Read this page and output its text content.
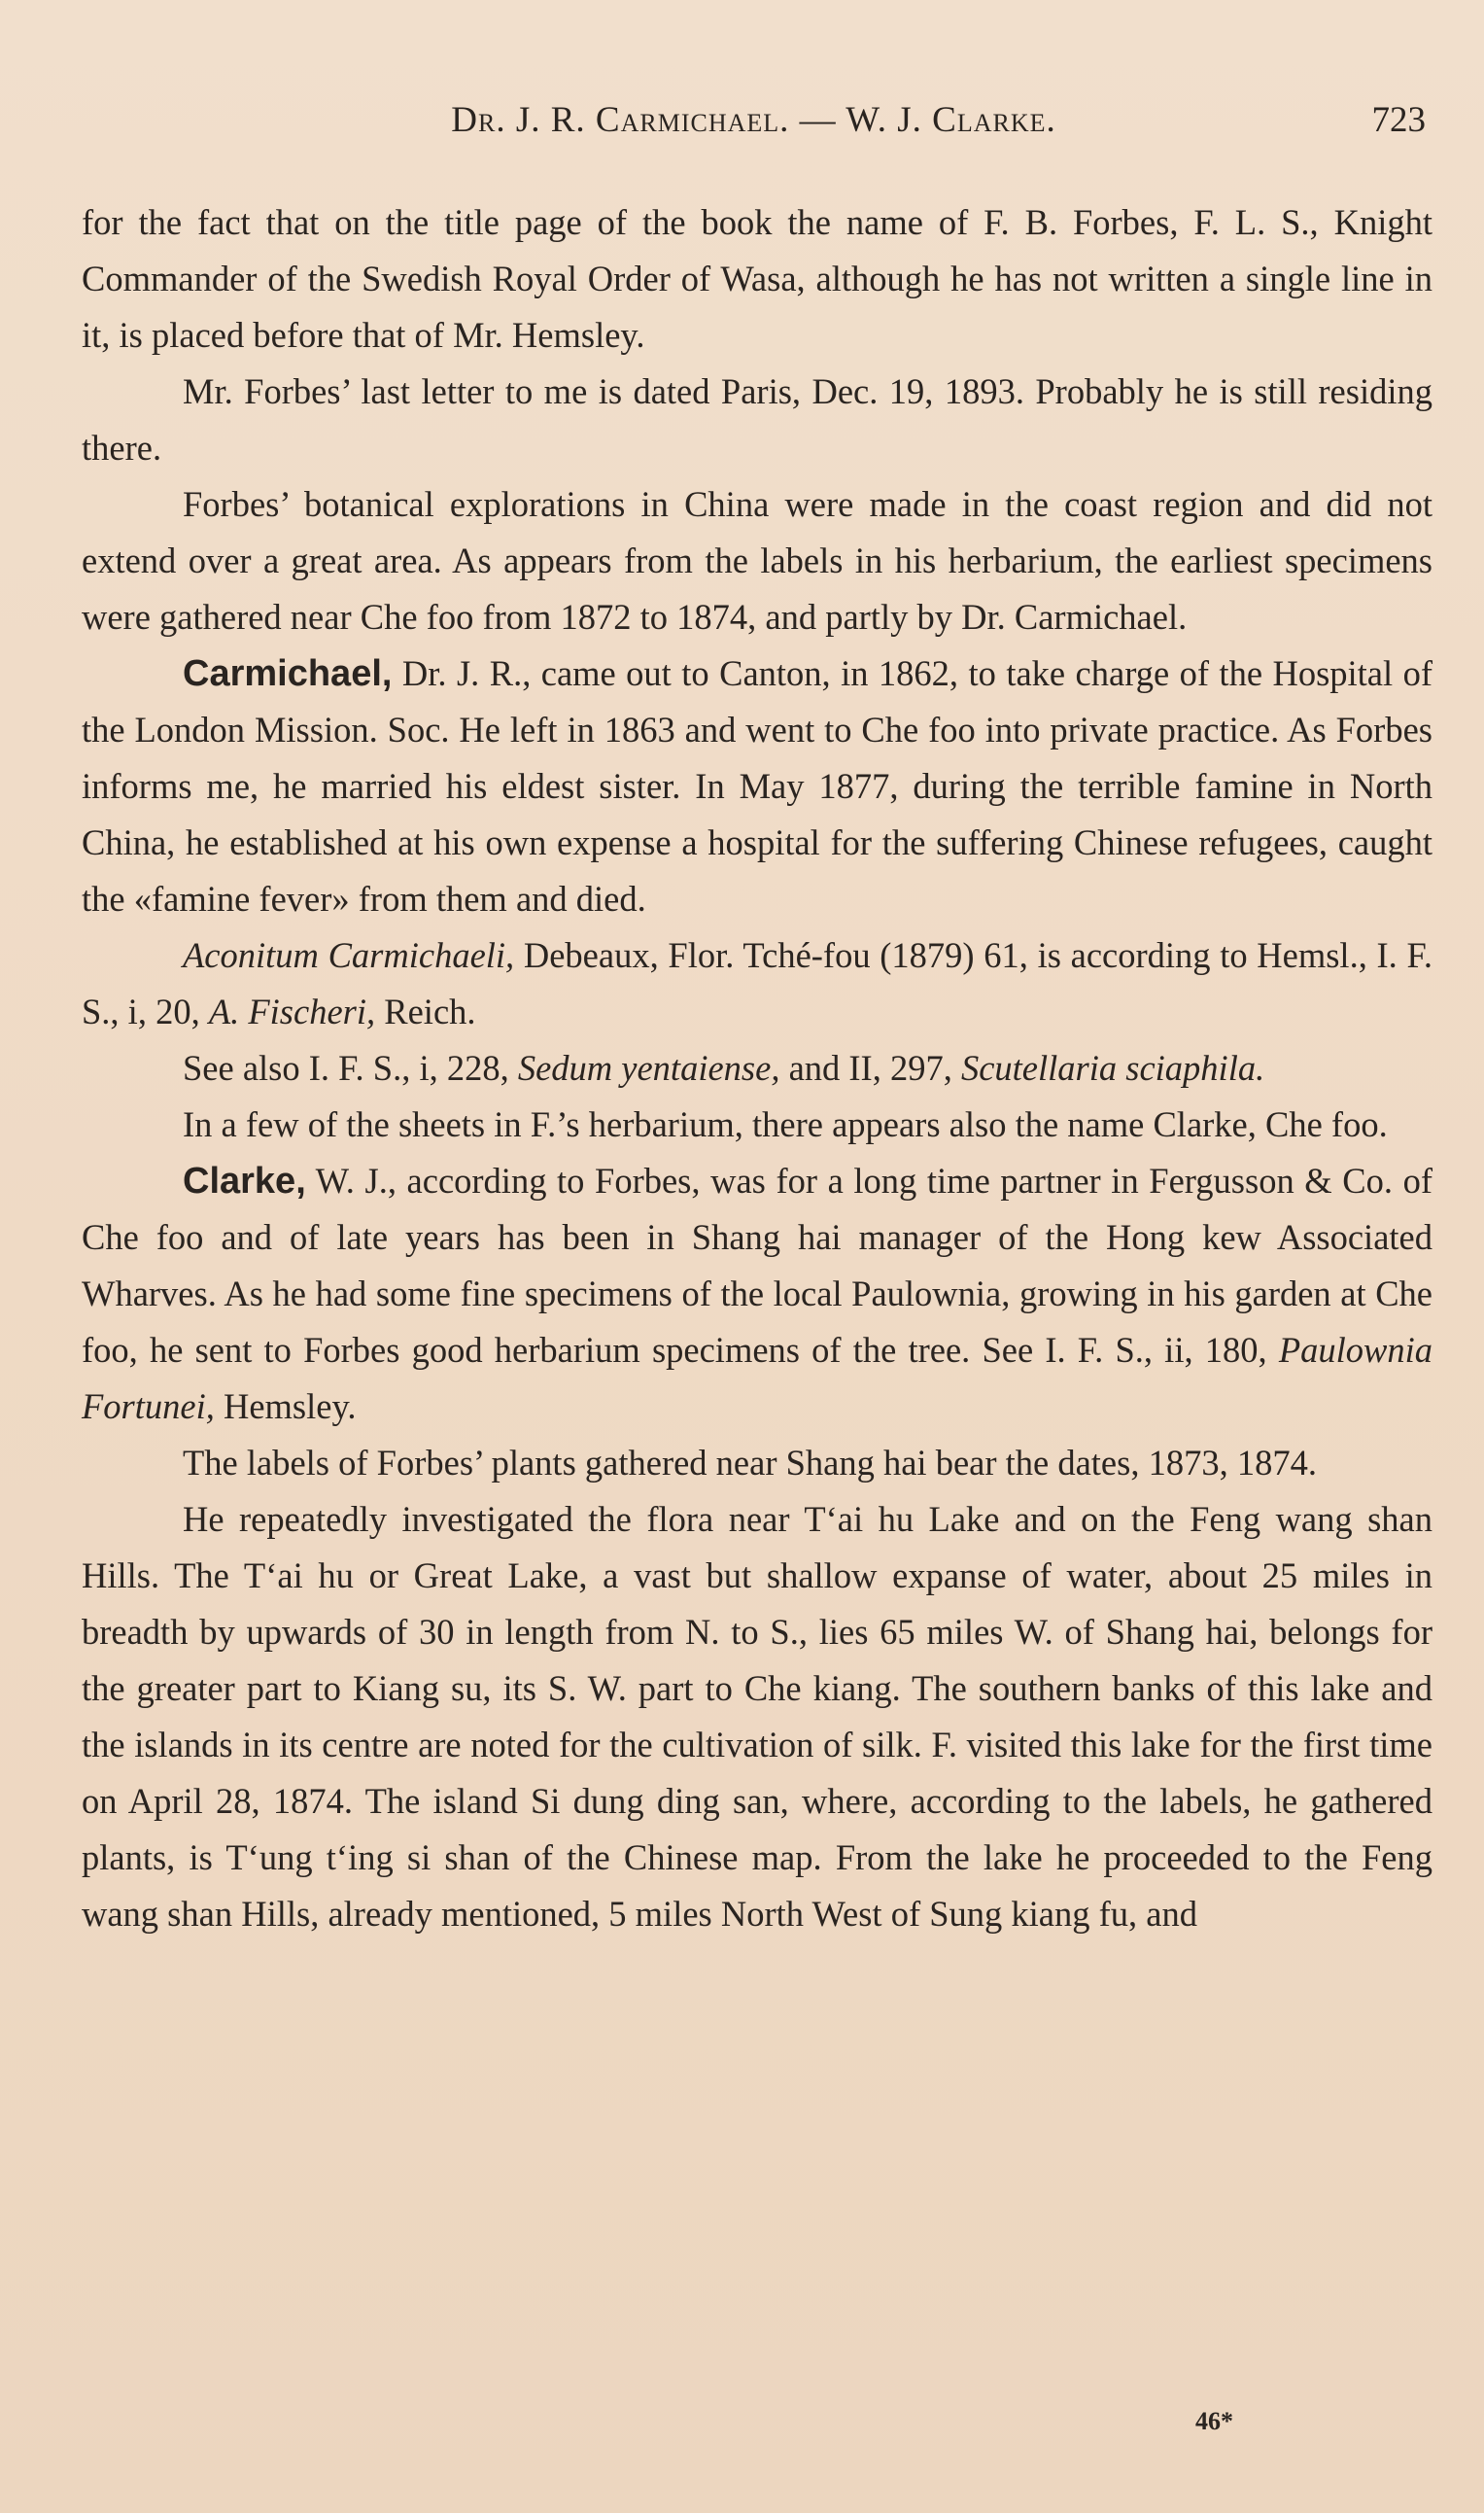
Dr. J. R. Carmichael. — W. J. Clarke.	723

for the fact that on the title page of the book the name of F. B. Forbes, F. L. S., Knight Commander of the Swedish Royal Order of Wasa, although he has not written a single line in it, is placed before that of Mr. Hemsley.

Mr. Forbes’ last letter to me is dated Paris, Dec. 19, 1893. Probably he is still residing there.

Forbes’ botanical explorations in China were made in the coast region and did not extend over a great area. As appears from the labels in his herbarium, the earliest specimens were gathered near Che foo from 1872 to 1874, and partly by Dr. Carmichael.

Carmichael, Dr. J. R., came out to Canton, in 1862, to take charge of the Hospital of the London Mission. Soc. He left in 1863 and went to Che foo into private practice. As Forbes informs me, he married his eldest sister. In May 1877, during the terrible famine in North China, he established at his own expense a hospital for the suffering Chinese refugees, caught the «famine fever» from them and died.

Aconitum Carmichaeli, Debeaux, Flor. Tché-fou (1879) 61, is according to Hemsl., I. F. S., i, 20, A. Fischeri, Reich.

See also I. F. S., i, 228, Sedum yentaiense, and II, 297, Scutellaria sciaphila.

In a few of the sheets in F.’s herbarium, there appears also the name Clarke, Che foo.

Clarke, W. J., according to Forbes, was for a long time partner in Fergusson & Co. of Che foo and of late years has been in Shang hai manager of the Hong kew Associated Wharves. As he had some fine specimens of the local Paulownia, growing in his garden at Che foo, he sent to Forbes good herbarium specimens of the tree. See I. F. S., ii, 180, Paulownia Fortunei, Hemsley.

The labels of Forbes’ plants gathered near Shang hai bear the dates, 1873, 1874.

He repeatedly investigated the flora near Tʻai hu Lake and on the Feng wang shan Hills. The Tʻai hu or Great Lake, a vast but shallow expanse of water, about 25 miles in breadth by upwards of 30 in length from N. to S., lies 65 miles W. of Shang hai, belongs for the greater part to Kiang su, its S. W. part to Che kiang. The southern banks of this lake and the islands in its centre are noted for the cultivation of silk. F. visited this lake for the first time on April 28, 1874. The island Si dung ding san, where, according to the labels, he gathered plants, is Tʻung tʻing si shan of the Chinese map. From the lake he proceeded to the Feng wang shan Hills, already mentioned, 5 miles North West of Sung kiang fu, and

46*
